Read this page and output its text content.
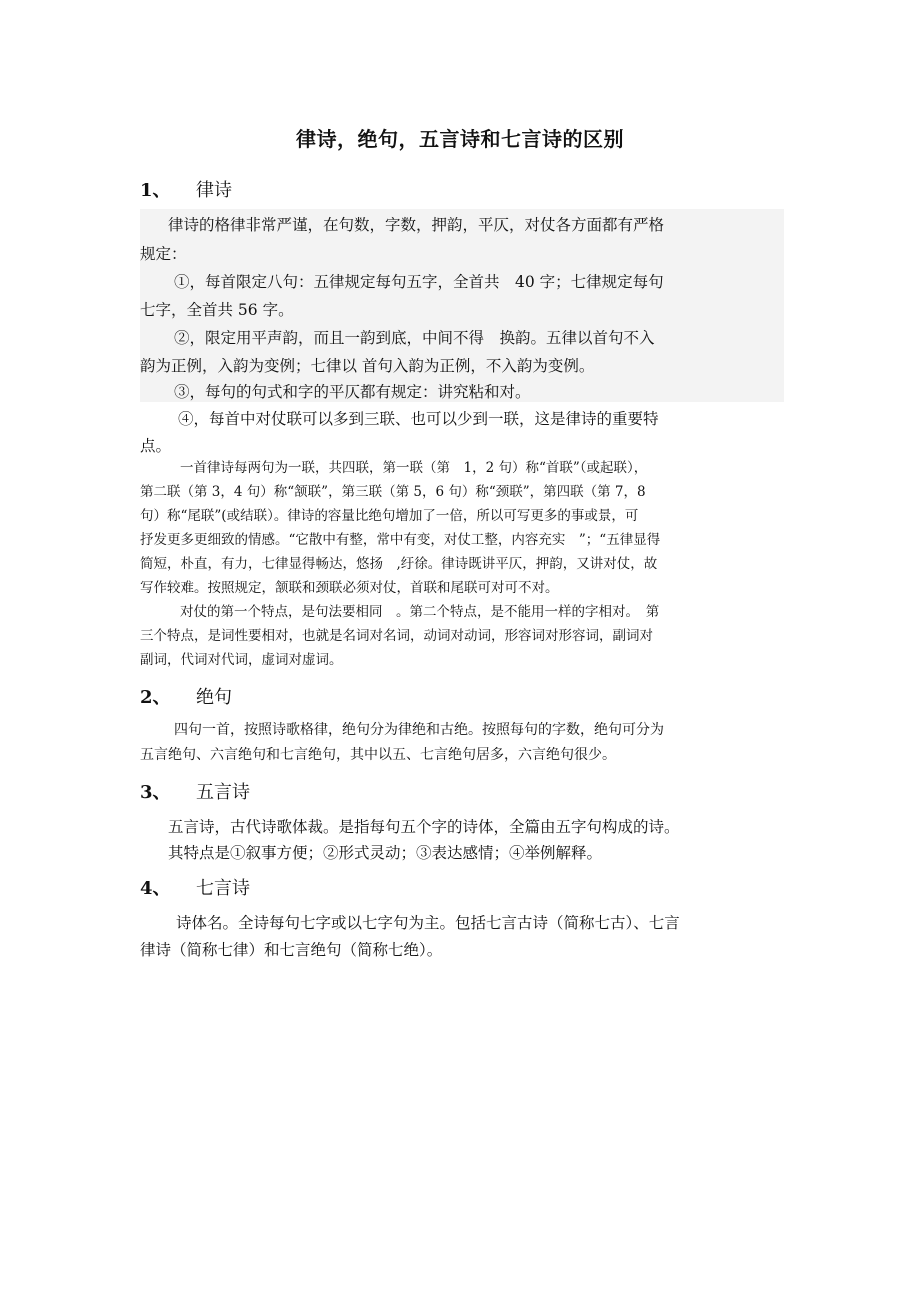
律诗，绝句，五言诗和七言诗的区别
1、 律诗
律诗的格律非常严谨，在句数，字数，押韵，平仄，对仗各方面都有严格
规定：
①，每首限定八句：五律规定每句五字，全首共　40 字；七律规定每句
七字，全首共 56 字。
②，限定用平声韵，而且一韵到底，中间不得　换韵。五律以首句不入
韵为正例，入韵为变例；七律以 首句入韵为正例，不入韵为变例。
③，每句的句式和字的平仄都有规定：讲究粘和对。
④，每首中对仗联可以多到三联、也可以少到一联，这是律诗的重要特
点。
一首律诗每两句为一联，共四联，第一联（第　1，2 句）称“首联”（或起联），
第二联（第 3，4 句）称“颔联”，第三联（第 5，6 句）称“颈联”，第四联（第 7，8
句）称“尾联”(或结联）。律诗的容量比绝句增加了一倍，所以可写更多的事或景，可
抒发更多更细致的情感。“它散中有整，常中有变，对仗工整，内容充实　”；“五律显得
简短，朴直，有力，七律显得畅达，悠扬　,纡徐。律诗既讲平仄，押韵，又讲对仗，故
写作较难。按照规定，颔联和颈联必须对仗，首联和尾联可对可不对。
对仗的第一个特点，是句法要相同　。第二个特点，是不能用一样的字相对。　第
三个特点，是词性要相对，也就是名词对名词，动词对动词，形容词对形容词，副词对
副词，代词对代词，虚词对虚词。
2、 绝句
四句一首，按照诗歌格律，绝句分为律绝和古绝。按照每句的字数，绝句可分为
五言绝句、六言绝句和七言绝句，其中以五、七言绝句居多，六言绝句很少。
3、 五言诗
五言诗，古代诗歌体裁。是指每句五个字的诗体，全篇由五字句构成的诗。
其特点是①叙事方便；②形式灵动；③表达感情；④举例解释。
4、 七言诗
诗体名。全诗每句七字或以七字句为主。包括七言古诗（简称七古）、七言
律诗（简称七律）和七言绝句（简称七绝）。
